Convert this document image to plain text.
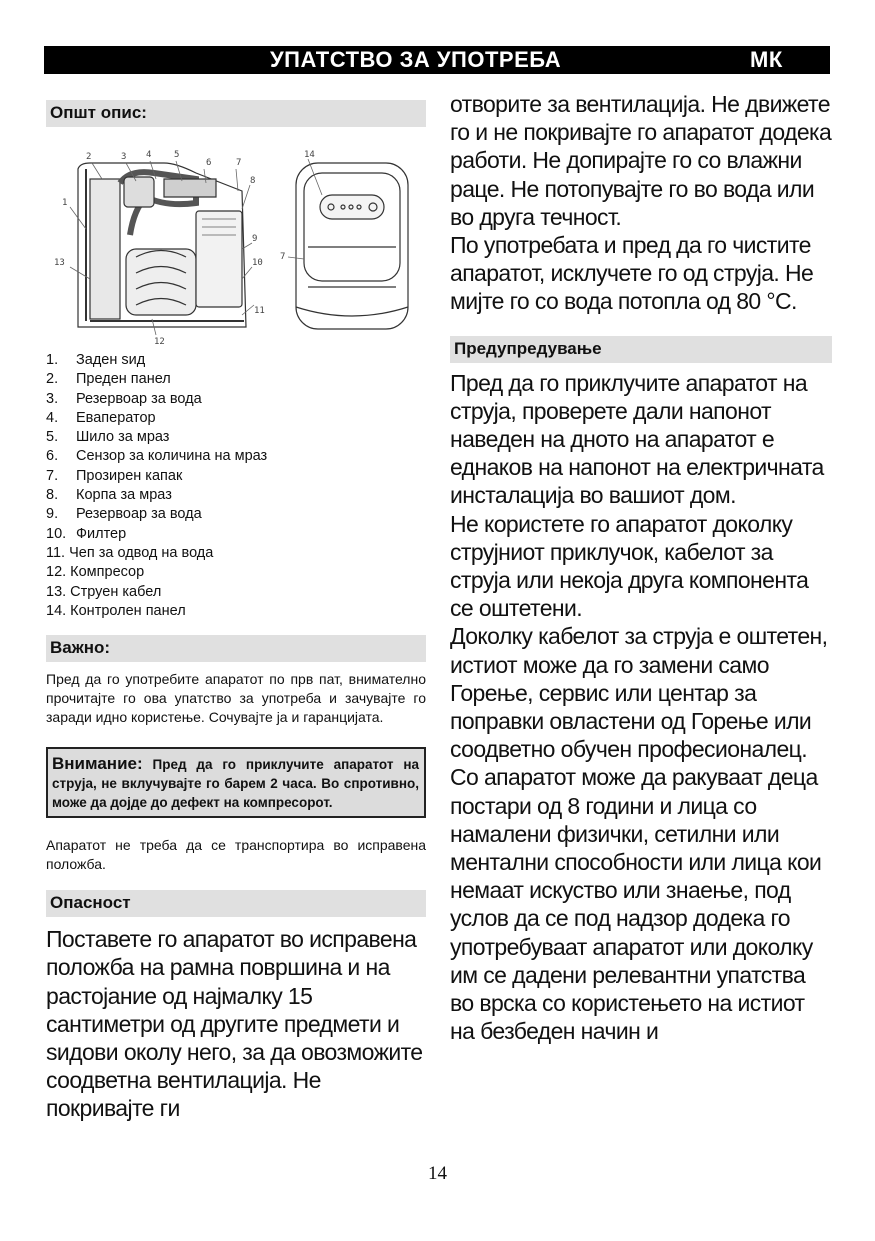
УПАТСТВО ЗА УПОТРЕБА	МК
Општ опис:
1
2	3 4	5
6	7
8
9
10
11
12
13
14
7
1.	Заден ѕид
2.	Преден панел
3.	Резервоар за вода
4.	Еваператор
5.	Шило за мраз
6.	Сензор за количина на мраз
7.	Прозирен капак
8.	Корпа за мраз
9.	Резервоар за вода
10. Филтер
11. Чеп за одвод на вода
12. Компресор
13. Струен кабел
14. Контролен панел
Важно:
Пред да го употребите апаратот по прв пат, внимателно прочитајте го ова упатство за употреба и зачувајте го заради идно користење. Сочувајте ја и гаранцијата.
Внимание: Пред да го приклучите апаратот на струја, не вклучувајте го барем 2 часа. Во спротивно, може да дојде до дефект на компресорот.
Апаратот не треба да се транспортира во исправена положба.
Опасност
Поставете го апаратот во исправена положба на рамна површина и на растојание од најмалку 15 сантиметри од другите предмети и ѕидови околу него, за да овозможите соодветна вентилација. Не покривајте ги

отворите за вентилација. Не движете го и не покривајте го апаратот додека работи. Не допирајте го со влажни раце. Не потопувајте го во вода или во друга течност.

По употребата и пред да го чистите апаратот, исклучете го од струја. Не мијте го со вода потопла од 80 °C.

Предупредување

Пред да го приклучите апаратот на струја, проверете дали напонот наведен на дното на апаратот е еднаков на напонот на електричната инсталација во вашиот дом.

Не користете го апаратот доколку струјниот приклучок, кабелот за струја или некоја друга компонента се оштетени.

Доколку кабелот за струја е оштетен, истиот може да го замени само Горење, сервис или центар за поправки овластени од Горење или соодветно обучен професионалец.

Со апаратот може да ракуваат деца постари од 8 години и лица со намалени физички, сетилни или ментални способности или лица кои немаат искуство или знаење, под услов да се под надзор додека го употребуваат апаратот или доколку им се дадени релевантни упатства во врска со користењето на истиот на безбеден начин и

14
